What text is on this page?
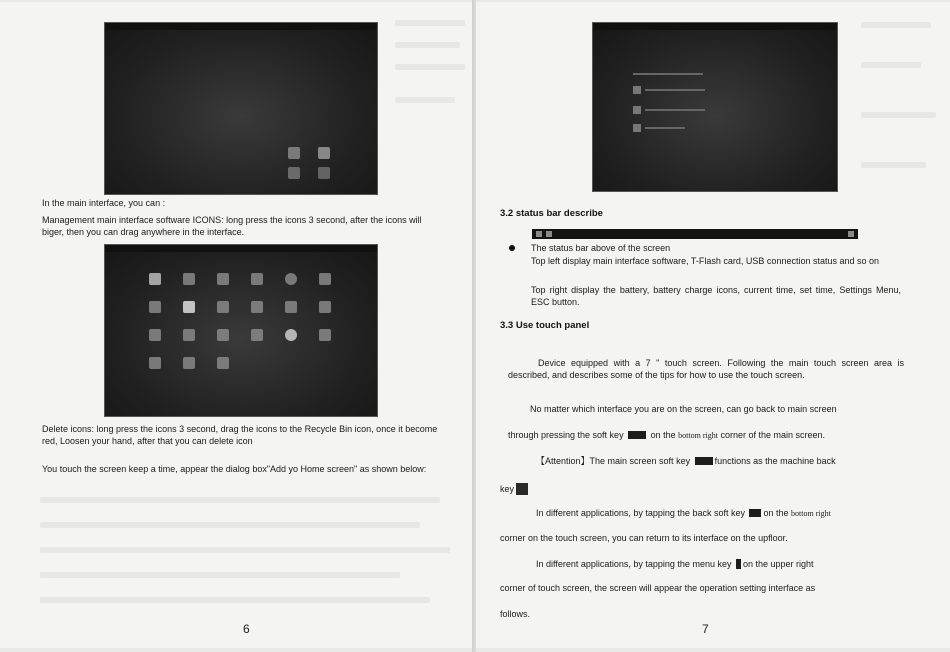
In the main interface, you can :

Management main interface software ICONS: long press the icons 3 second, after the icons will biger, then you can drag anywhere in the interface.

Delete icons: long press the icons 3 second, drag the icons to the Recycle Bin icon, once it become red, Loosen your hand, after that you can delete icon

You touch the screen keep a time, appear the dialog box"Add yo Home screen" as shown below:

6

3.2 status bar describe

The status bar above of the screen

Top left display main interface software, T-Flash card, USB connection status and so on

Top right display the battery, battery charge icons, current time, set time, Settings Menu, ESC button.

3.3 Use touch panel

Device equipped with a 7 " touch screen. Following the main touch screen area is described, and describes some of the tips for how to use the touch screen.

No matter which interface you are on the screen, can go back to main screen

through pressing the soft key	on the bottom right corner of the main screen.

【Attention】The main screen soft key	functions as the machine back

key

In different applications, by tapping the back soft key on the bottom right

corner on the touch screen, you can return to its interface on the upfloor.

In different applications, by tapping the menu key on the upper right

corner of touch screen, the screen will appear the operation setting interface as

follows.

7
